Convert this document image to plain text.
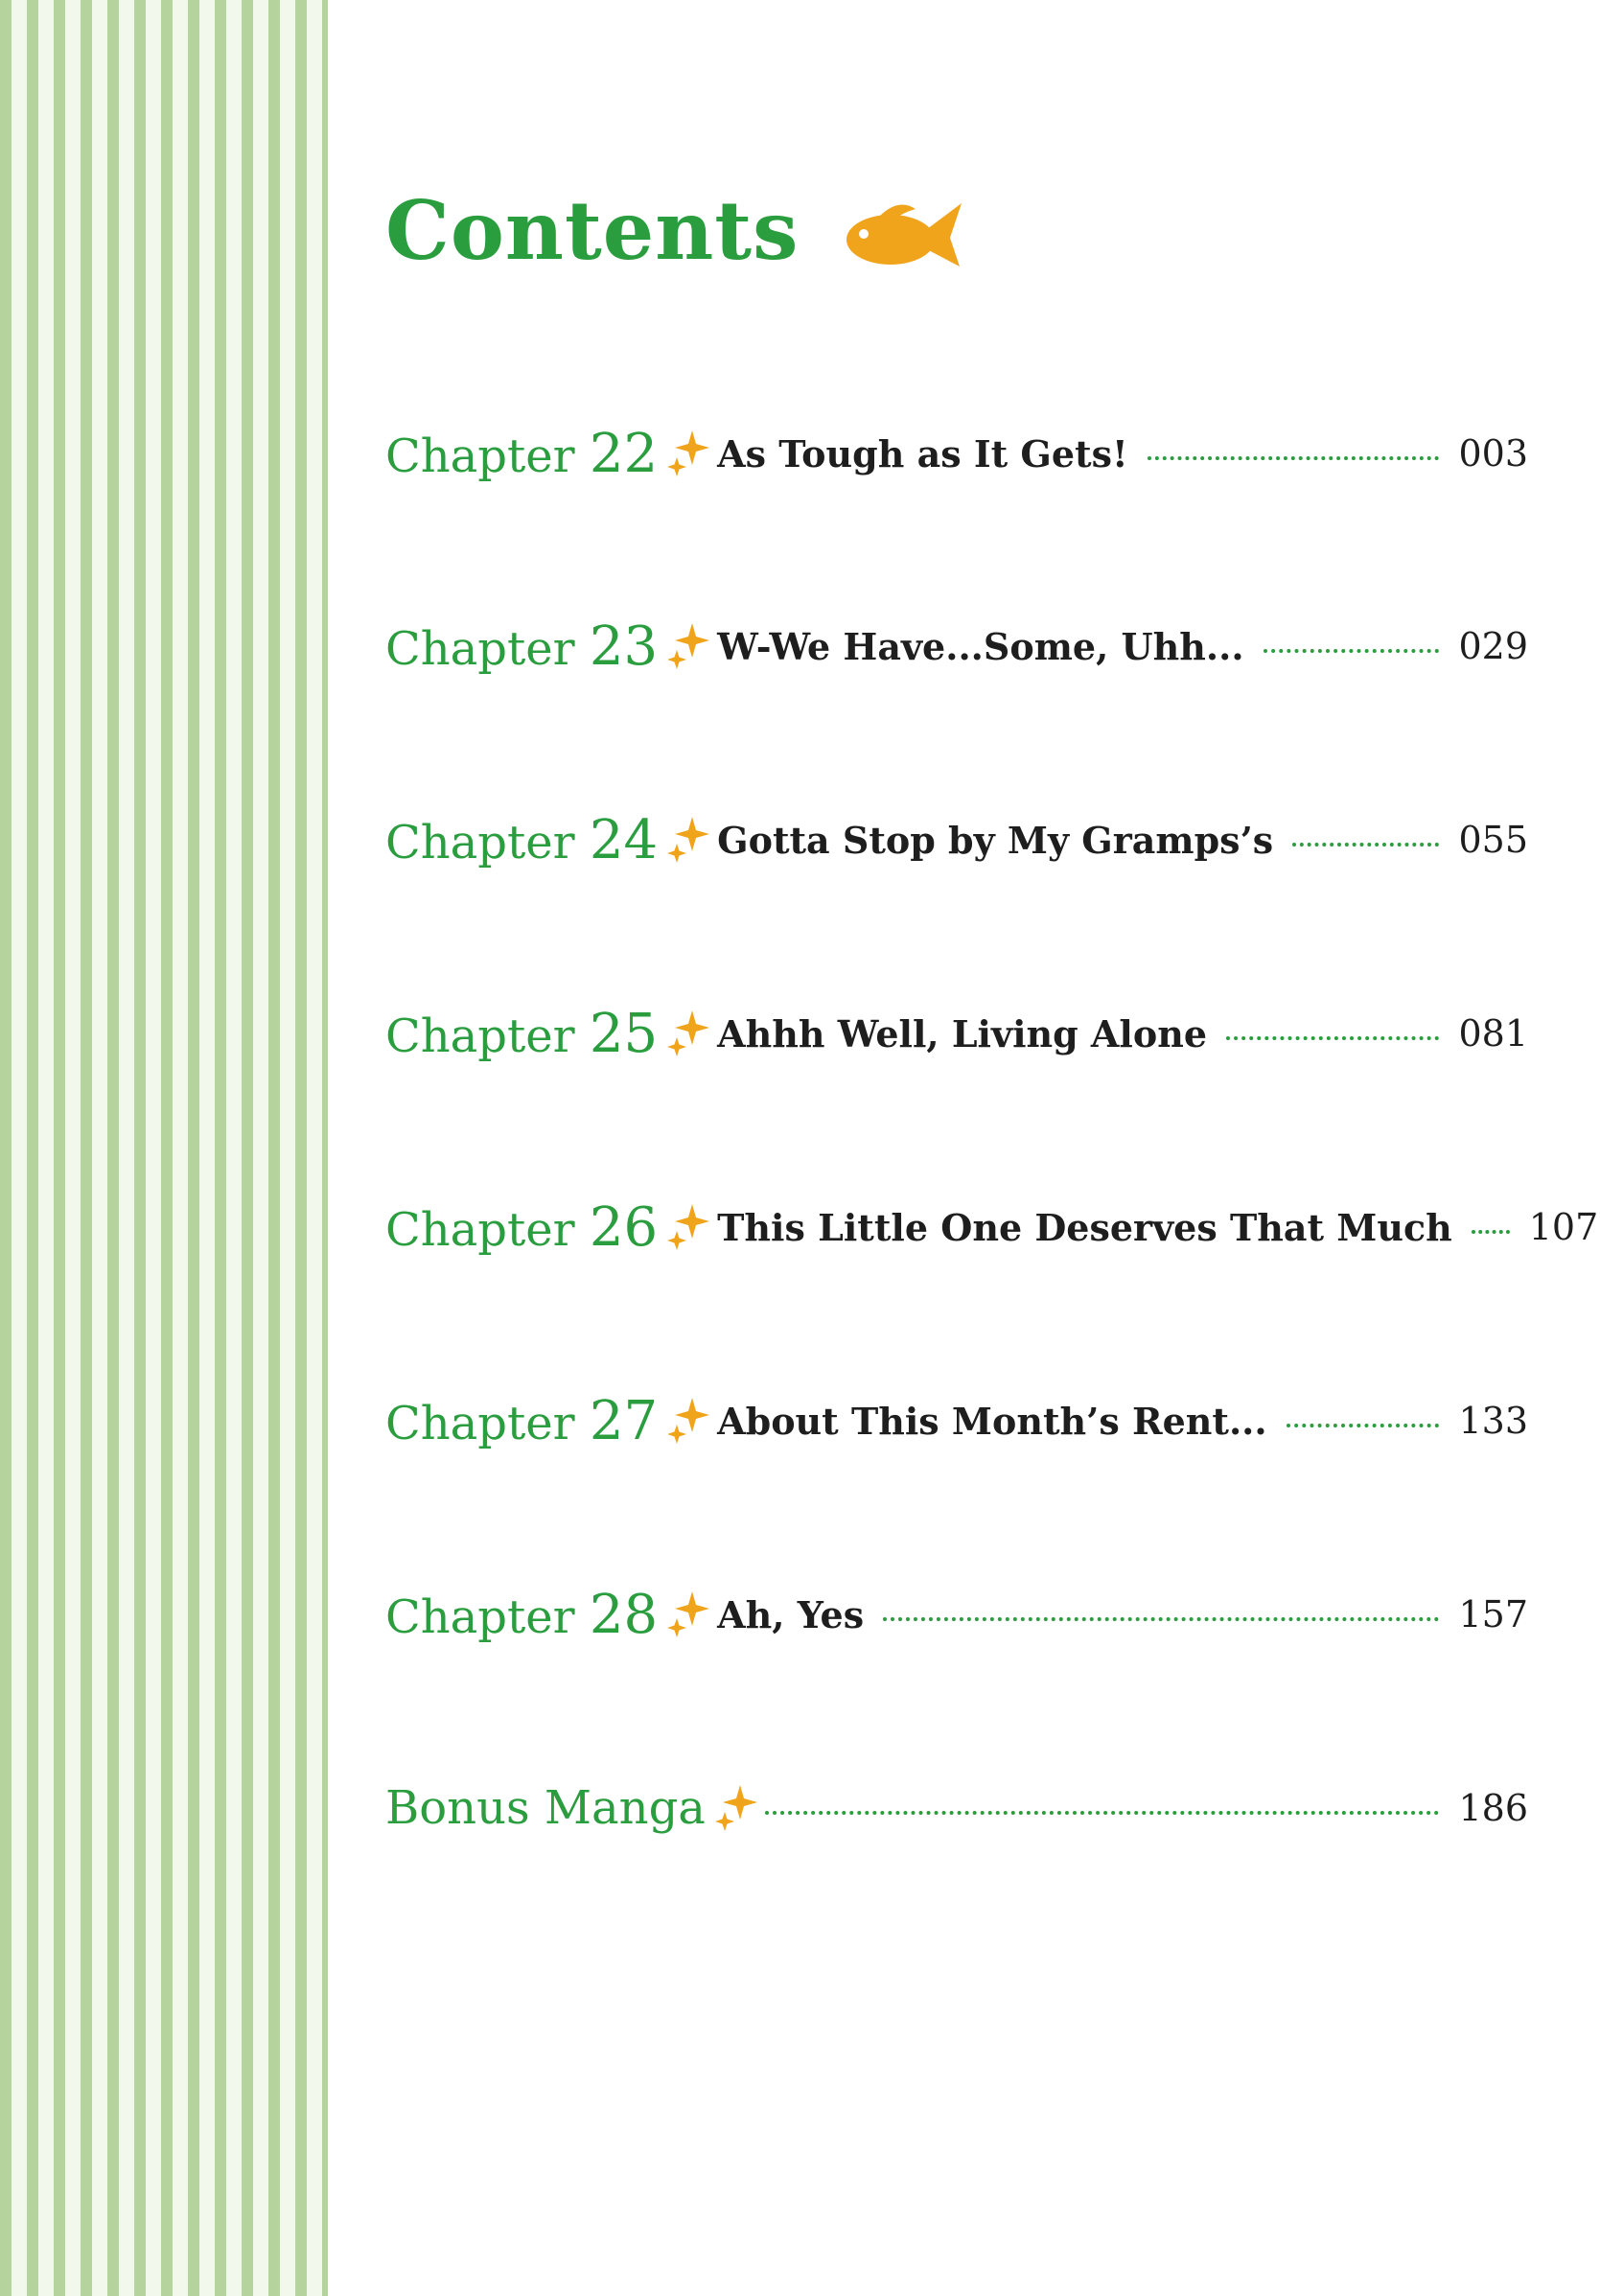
Contents
Chapter 22 As Tough as It Gets!	003
Chapter 23 W-We Have...Some, Uhh...	029
Chapter 24 Gotta Stop by My Gramps’s	055
Chapter 25 Ahhh Well, Living Alone	081
Chapter 26 This Little One Deserves That Much 107
Chapter 27 About This Month’s Rent...	133
Chapter 28 Ah, Yes	157
Bonus Manga	186
